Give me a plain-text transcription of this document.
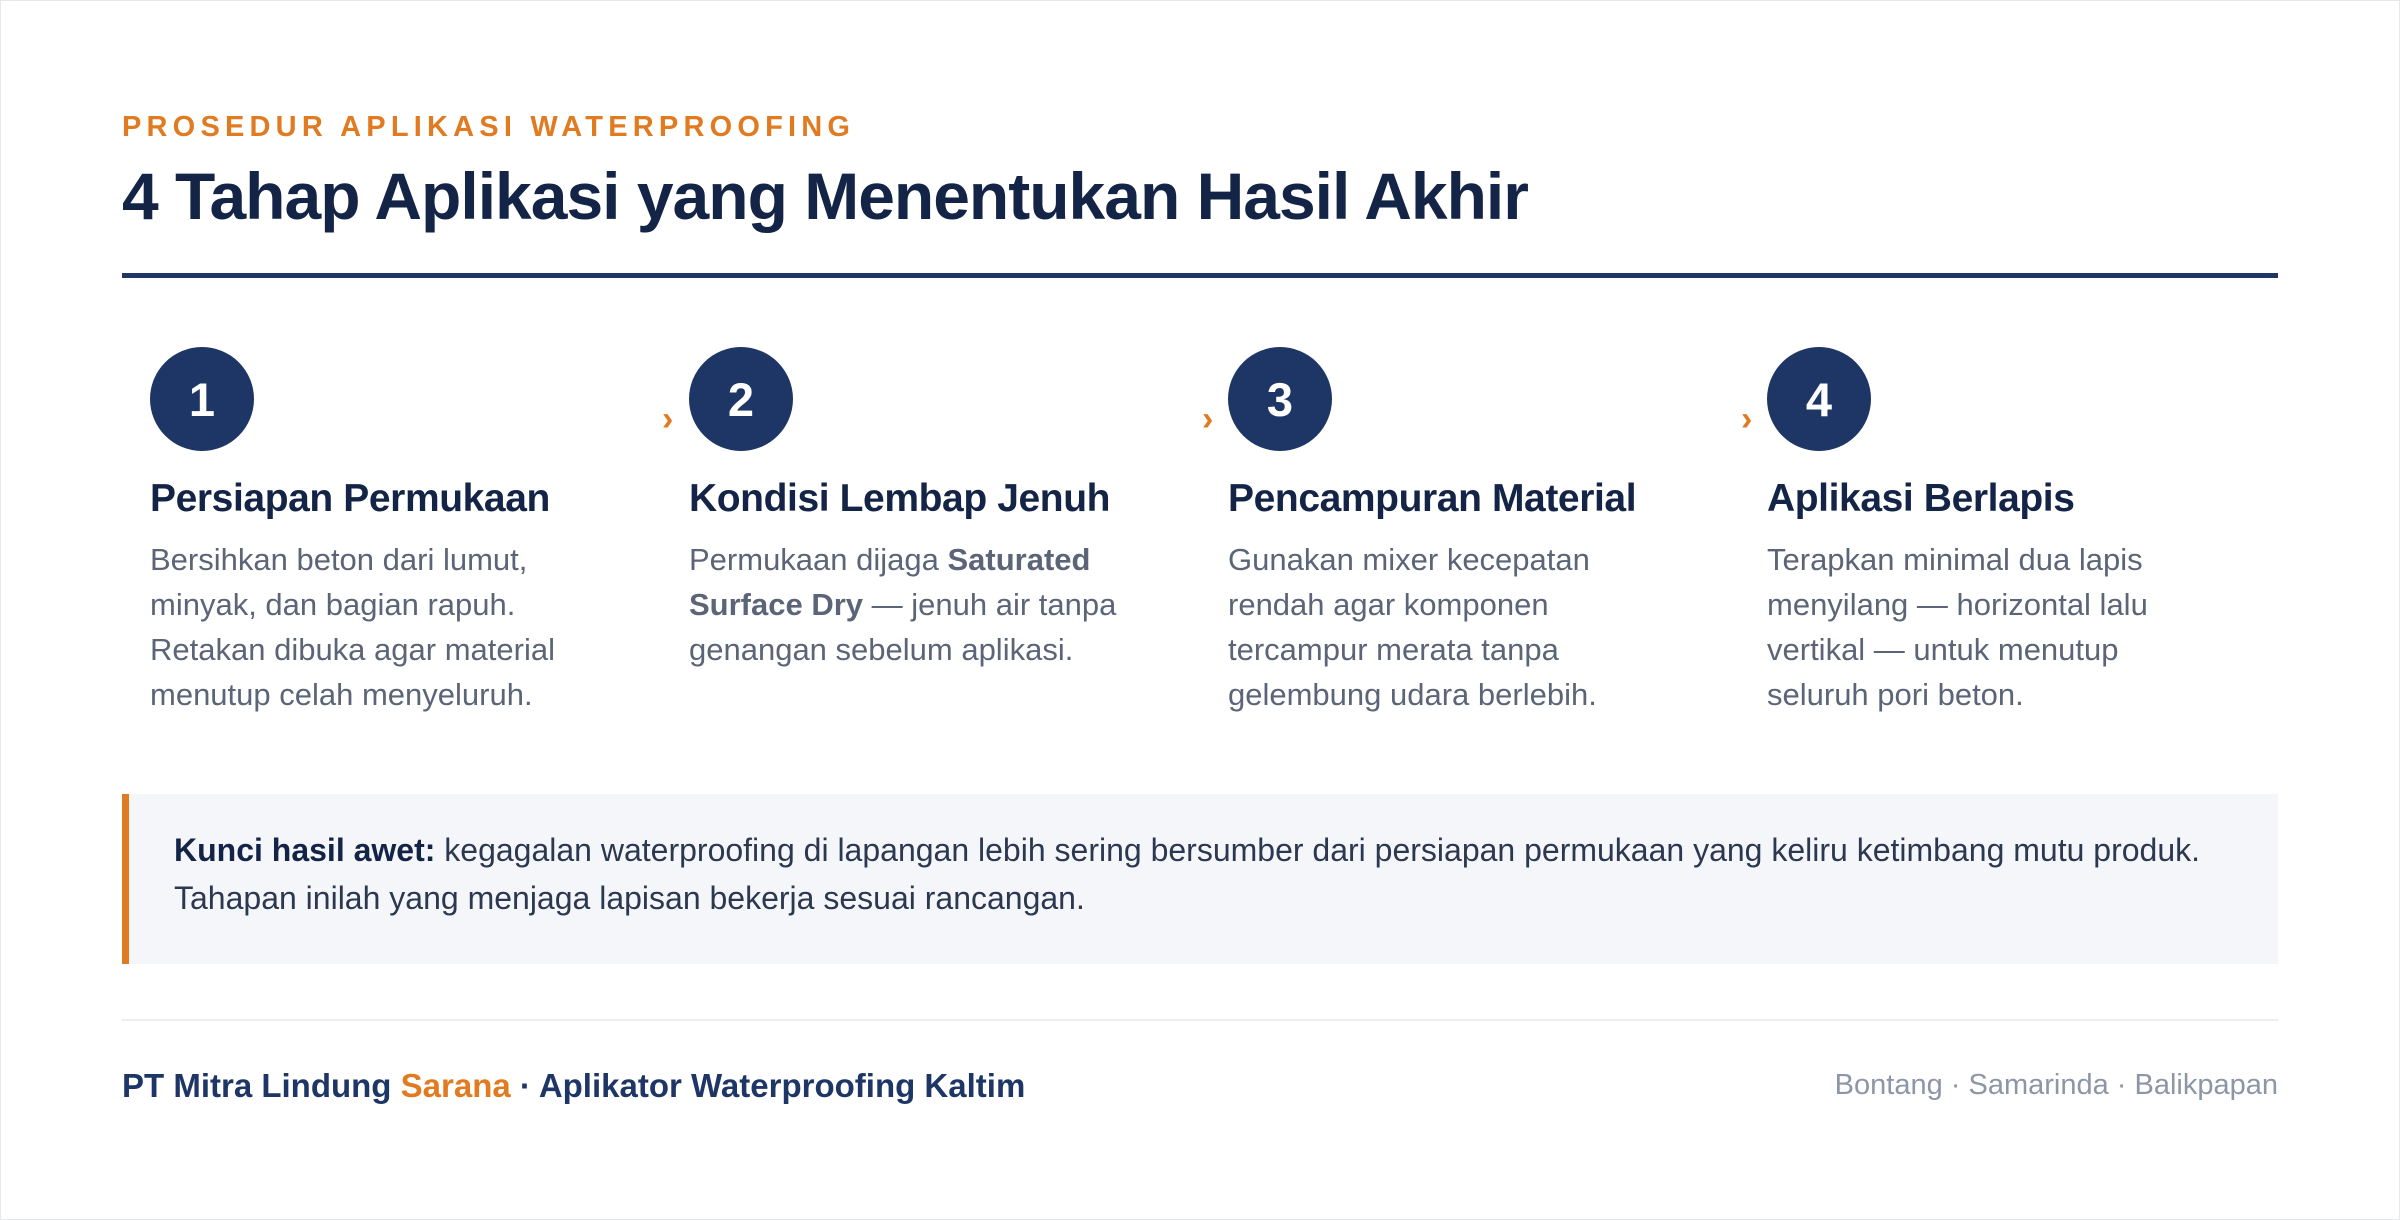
PROSEDUR APLIKASI WATERPROOFING
4 Tahap Aplikasi yang Menentukan Hasil Akhir
1
Persiapan Permukaan
Bersihkan beton dari lumut, minyak, dan bagian rapuh. Retakan dibuka agar material menutup celah menyeluruh.
›	2
Kondisi Lembap Jenuh
Permukaan dijaga Saturated Surface Dry — jenuh air tanpa genangan sebelum aplikasi.
›	3
Pencampuran Material
Gunakan mixer kecepatan rendah agar komponen tercampur merata tanpa gelembung udara berlebih.
›	4
Aplikasi Berlapis
Terapkan minimal dua lapis menyilang — horizontal lalu vertikal — untuk menutup seluruh pori beton.
Kunci hasil awet: kegagalan waterproofing di lapangan lebih sering bersumber dari persiapan permukaan yang keliru ketimbang mutu produk. Tahapan inilah yang menjaga lapisan bekerja sesuai rancangan.
PT Mitra Lindung Sarana · Aplikator Waterproofing Kaltim	Bontang · Samarinda · Balikpapan
